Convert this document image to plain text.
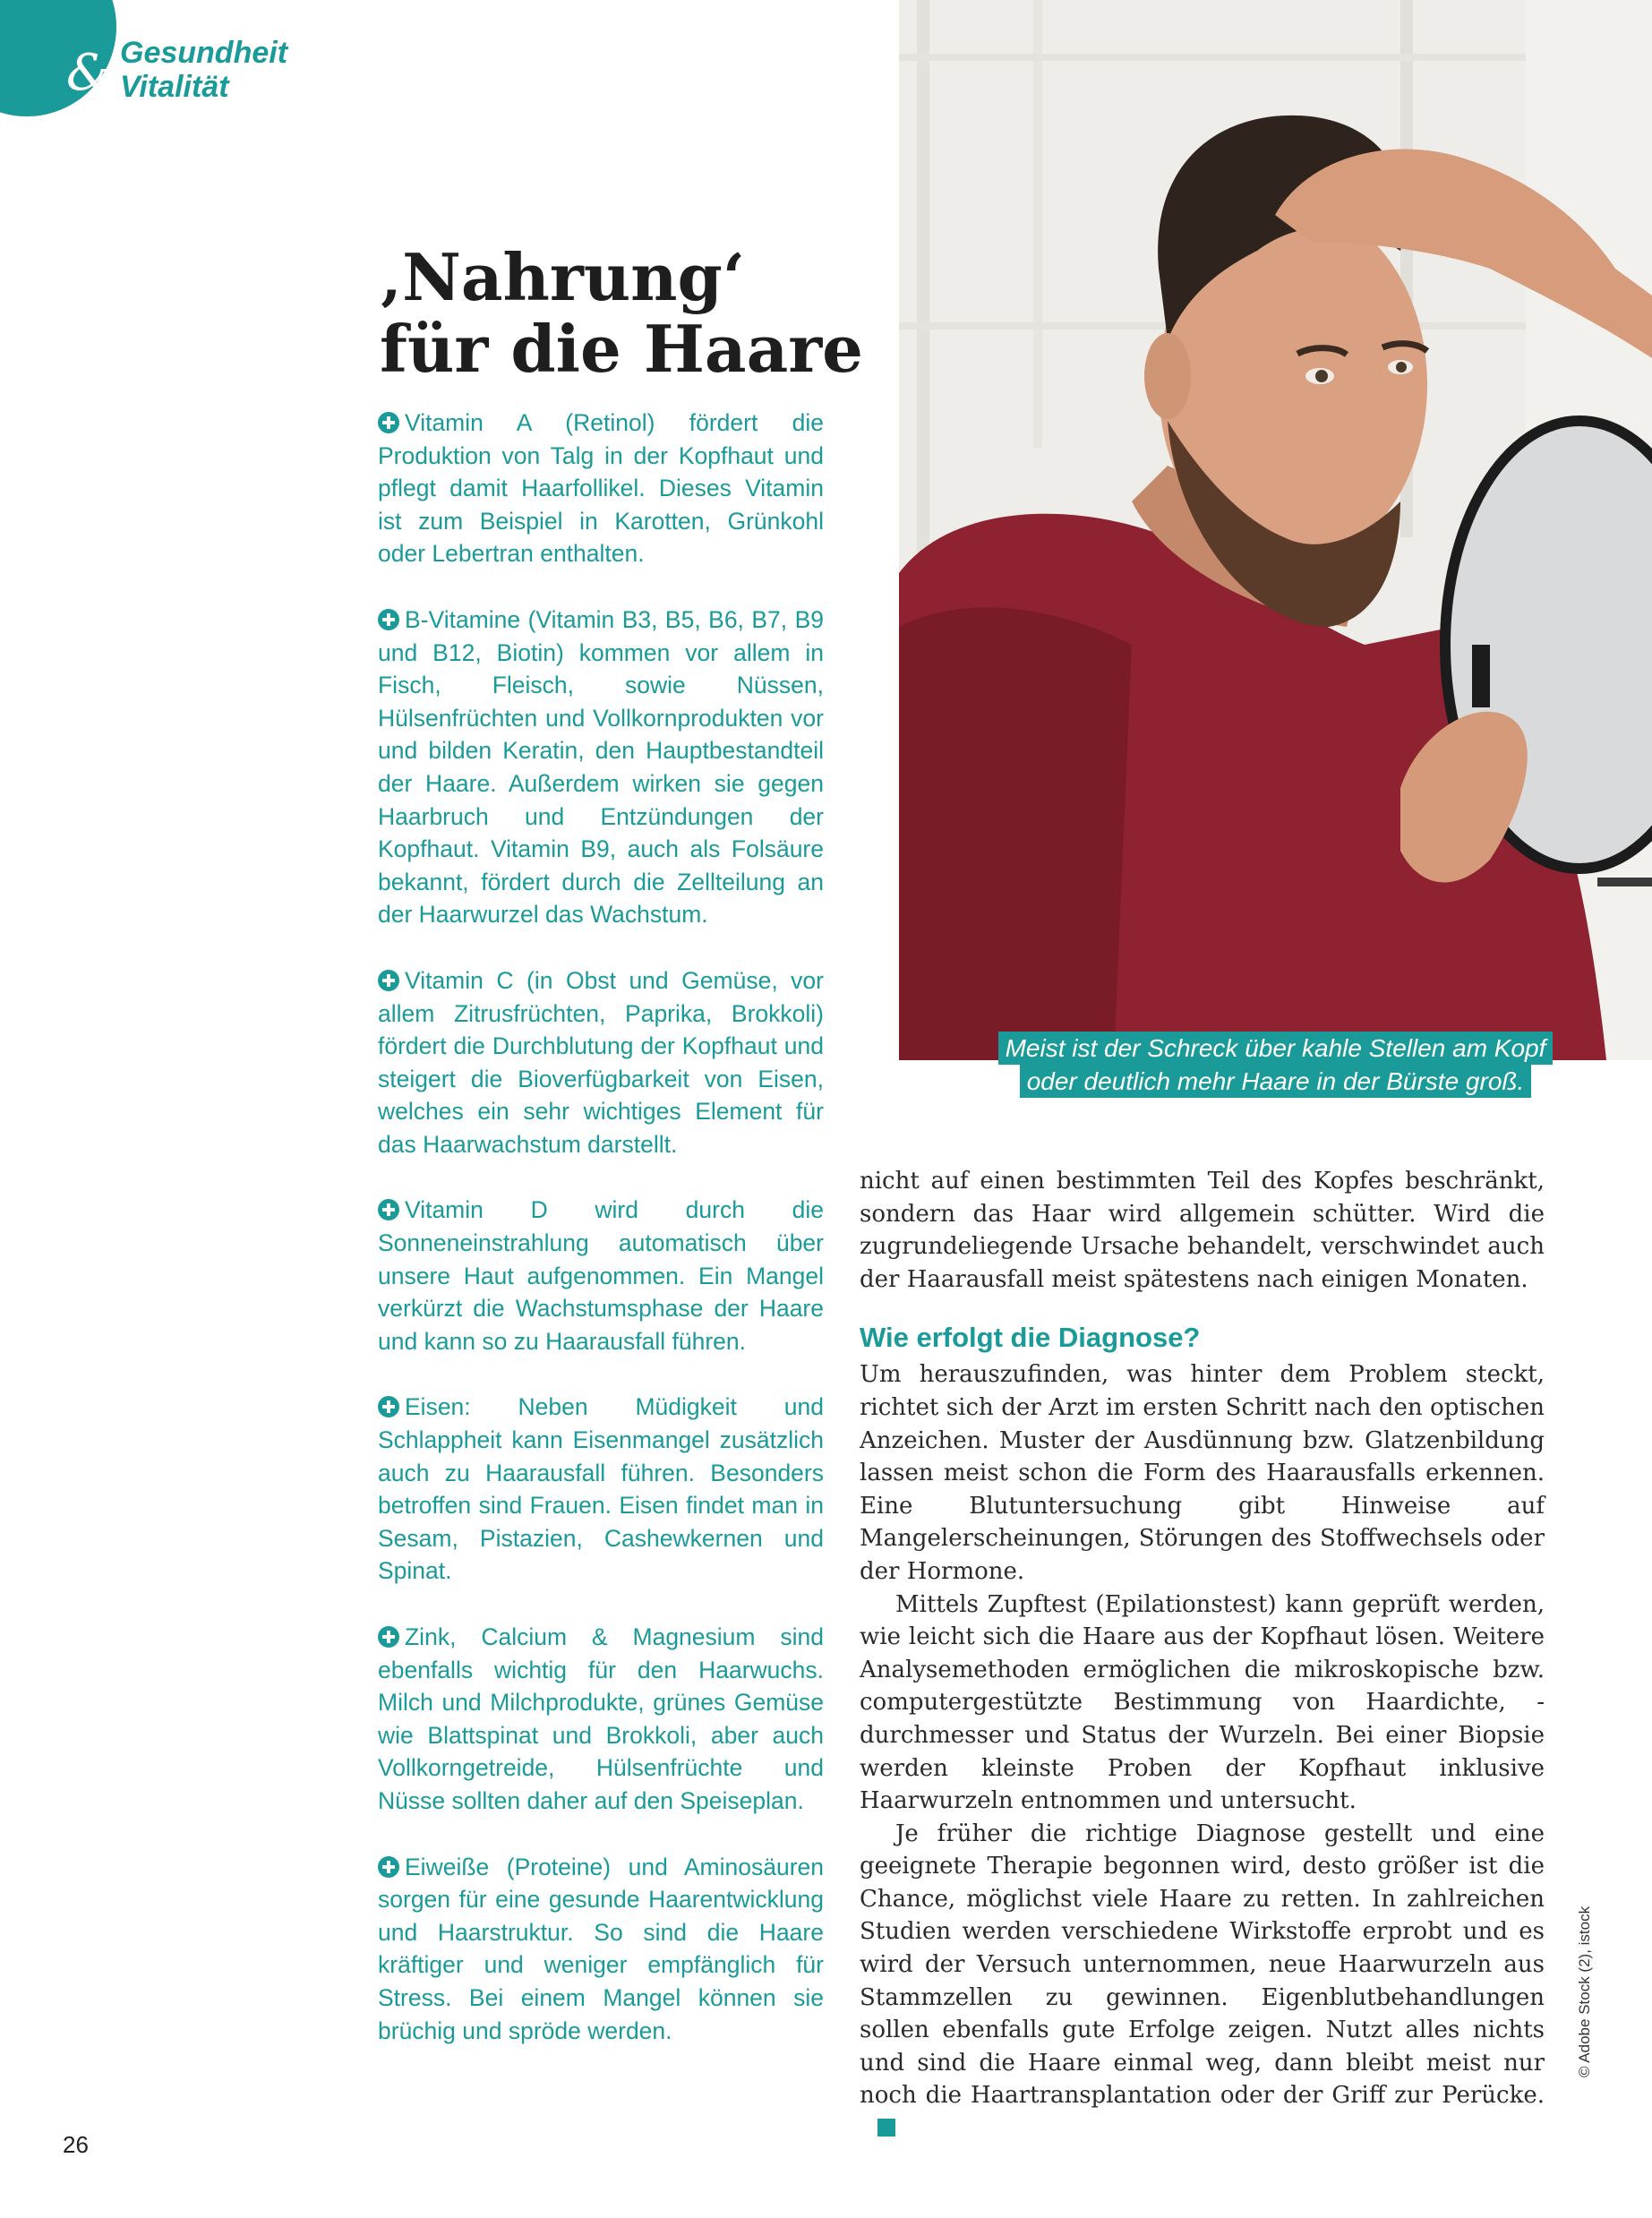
& Gesundheit
Vitalität
‚Nahrung‘
für die Haare

Vitamin A (Retinol) fördert die Produktion von Talg in der Kopfhaut und pflegt damit Haarfollikel. Dieses Vitamin ist zum Beispiel in Karotten, Grünkohl oder Lebertran enthalten.

B-Vitamine (Vitamin B3, B5, B6, B7, B9 und B12, Biotin) kommen vor allem in Fisch, Fleisch, sowie Nüssen, Hülsenfrüchten und Vollkornprodukten vor und bilden Keratin, den Hauptbestandteil der Haare. Außerdem wirken sie gegen Haarbruch und Entzündungen der Kopfhaut. Vitamin B9, auch als Folsäure bekannt, fördert durch die Zellteilung an der Haarwurzel das Wachstum.

Vitamin C (in Obst und Gemüse, vor allem Zitrusfrüchten, Paprika, Brokkoli) fördert die Durchblutung der Kopfhaut und steigert die Bioverfügbarkeit von Eisen, welches ein sehr wichtiges Element für das Haarwachstum darstellt.

Vitamin D wird durch die Sonneneinstrahlung automatisch über unsere Haut aufgenommen. Ein Mangel verkürzt die Wachstumsphase der Haare und kann so zu Haarausfall führen.

Eisen: Neben Müdigkeit und Schlappheit kann Eisenmangel zusätzlich auch zu Haarausfall führen. Besonders betroffen sind Frauen. Eisen findet man in Sesam, Pistazien, Cashewkernen und Spinat.

Zink, Calcium & Magnesium sind ebenfalls wichtig für den Haarwuchs. Milch und Milchprodukte, grünes Gemüse wie Blattspinat und Brokkoli, aber auch Vollkorngetreide, Hülsenfrüchte und Nüsse sollten daher auf den Speiseplan.

Eiweiße (Proteine) und Aminosäuren sorgen für eine gesunde Haarentwicklung und Haarstruktur. So sind die Haare kräftiger und weniger empfänglich für Stress. Bei einem Mangel können sie brüchig und spröde werden.

Meist ist der Schreck über kahle Stellen am Kopf
oder deutlich mehr Haare in der Bürste groß.

nicht auf einen bestimmten Teil des Kopfes beschränkt, sondern das Haar wird allgemein schütter. Wird die zugrundeliegende Ursache behandelt, verschwindet auch der Haarausfall meist spätestens nach einigen Monaten.

Wie erfolgt die Diagnose?

Um herauszufinden, was hinter dem Problem steckt, richtet sich der Arzt im ersten Schritt nach den optischen Anzeichen. Muster der Ausdünnung bzw. Glatzenbildung lassen meist schon die Form des Haarausfalls erkennen. Eine Blutuntersuchung gibt Hinweise auf Mangelerscheinungen, Störungen des Stoffwechsels oder der Hormone.

Mittels Zupftest (Epilationstest) kann geprüft werden, wie leicht sich die Haare aus der Kopfhaut lösen. Weitere Analysemethoden ermöglichen die mikroskopische bzw. computergestützte Bestimmung von Haardichte, -durchmesser und Status der Wurzeln. Bei einer Biopsie werden kleinste Proben der Kopfhaut inklusive Haarwurzeln entnommen und untersucht.

Je früher die richtige Diagnose gestellt und eine geeignete Therapie begonnen wird, desto größer ist die Chance, möglichst viele Haare zu retten. In zahlreichen Studien werden verschiedene Wirkstoffe erprobt und es wird der Versuch unternommen, neue Haarwurzeln aus Stammzellen zu gewinnen. Eigenblutbehandlungen sollen ebenfalls gute Erfolge zeigen. Nutzt alles nichts und sind die Haare einmal weg, dann bleibt meist nur noch die Haartransplantation oder der Griff zur Perücke.

© Adobe Stock (2), istock
26
